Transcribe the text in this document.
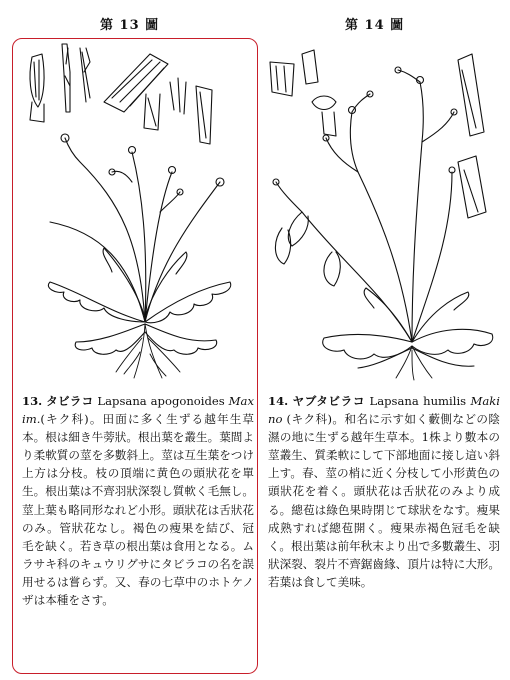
第 13 圖	第 14 圖
13. タビラコ Lapsana apogonoides Maxim.(キク科)。田面に多く生ずる越年生草本。根は細き牛蒡狀。根出葉を叢生。葉間より柔軟質の莖を多數斜上。莖は互生葉をつけ上方は分枝。枝の頂端に黄色の頭狀花を單生。根出葉は不齊羽狀深裂し質軟く毛無し。莖上葉も略同形なれど小形。頭狀花は舌狀花のみ。管狀花なし。褐色の瘦果を結び、冠毛を缺く。若き草の根出葉は食用となる。ムラサキ科のキュウリグサにタビラコの名を誤用せるは嘗らず。又、春の七草中のホトケノザは本種をさす。
14. ヤブタビラコ Lapsana humilis Makino (キク科)。和名に示す如く藪側などの陰濕の地に生ずる越年生草本。1株より數本の莖叢生、質柔軟にして下部地面に接し這い斜上す。春、莖の梢に近く分枝して小形黄色の頭狀花を着く。頭狀花は舌狀花のみより成る。總苞は綠色果時閉じて球狀をなす。瘦果成熟すれば總苞開く。瘦果赤褐色冠毛を缺く。根出葉は前年秋末より出で多數叢生、羽狀深裂、裂片不齊鋸齒緣、頂片は特に大形。若葉は食して美味。
